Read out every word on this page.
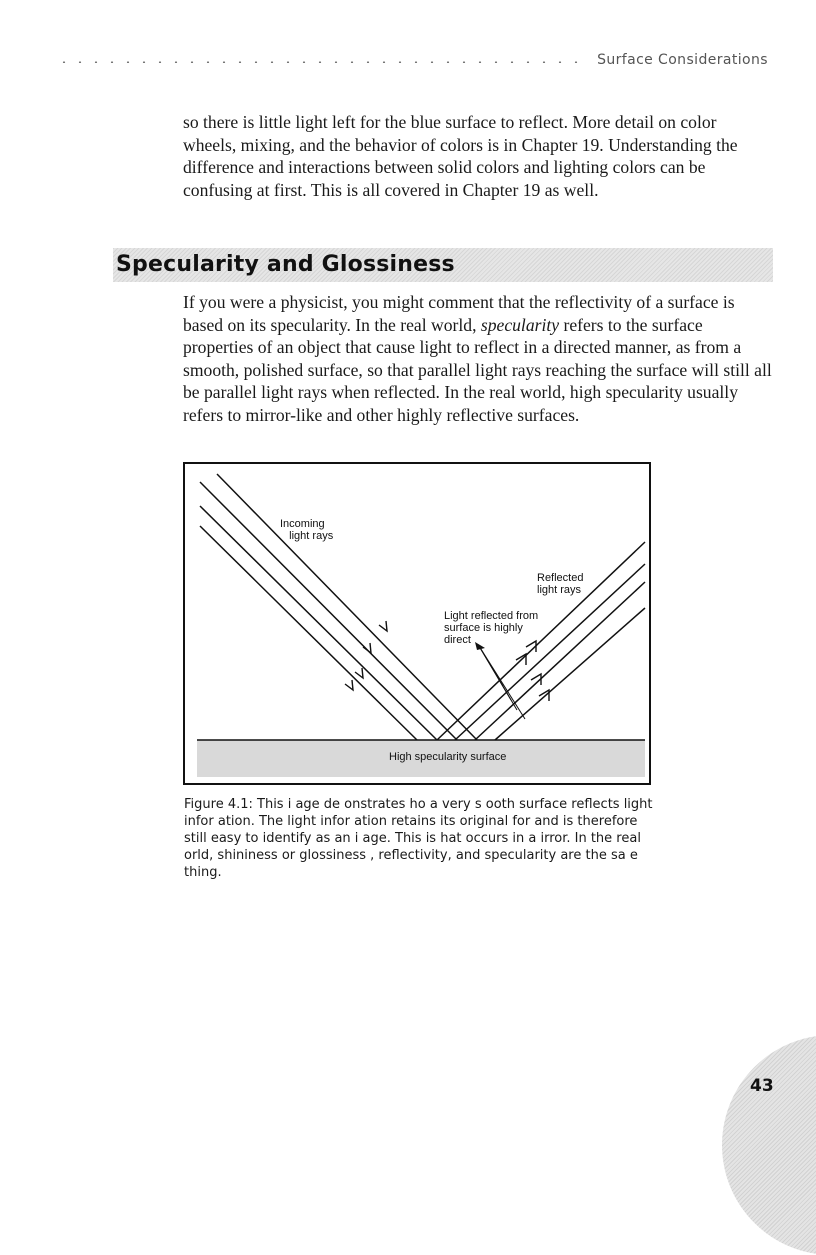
Surface Considerations

so there is little light left for the blue surface to reflect. More detail on color wheels, mixing, and the behavior of colors is in Chapter 19. Understanding the difference and interactions between solid colors and lighting colors can be confusing at first. This is all covered in Chapter 19 as well.

Specularity and Glossiness

If you were a physicist, you might comment that the reflectivity of a surface is based on its specularity. In the real world, specularity refers to the surface properties of an object that cause light to reflect in a directed manner, as from a smooth, polished surface, so that parallel light rays reaching the surface will still all be parallel light rays when reflected. In the real world, high specularity usually refers to mirror-like and other highly reflective surfaces.

Incoming
light rays
Reflected
light rays
Light reflected from
surface is highly
direct
High specularity surface

Figure 4.1: This i age de onstrates ho a very s ooth surface reflects light infor ation. The light infor ation retains its original for and is therefore still easy to identify as an i age. This is hat occurs in a irror. In the real orld, shininess or glossiness , reflectivity, and specularity are the sa e thing.

43
